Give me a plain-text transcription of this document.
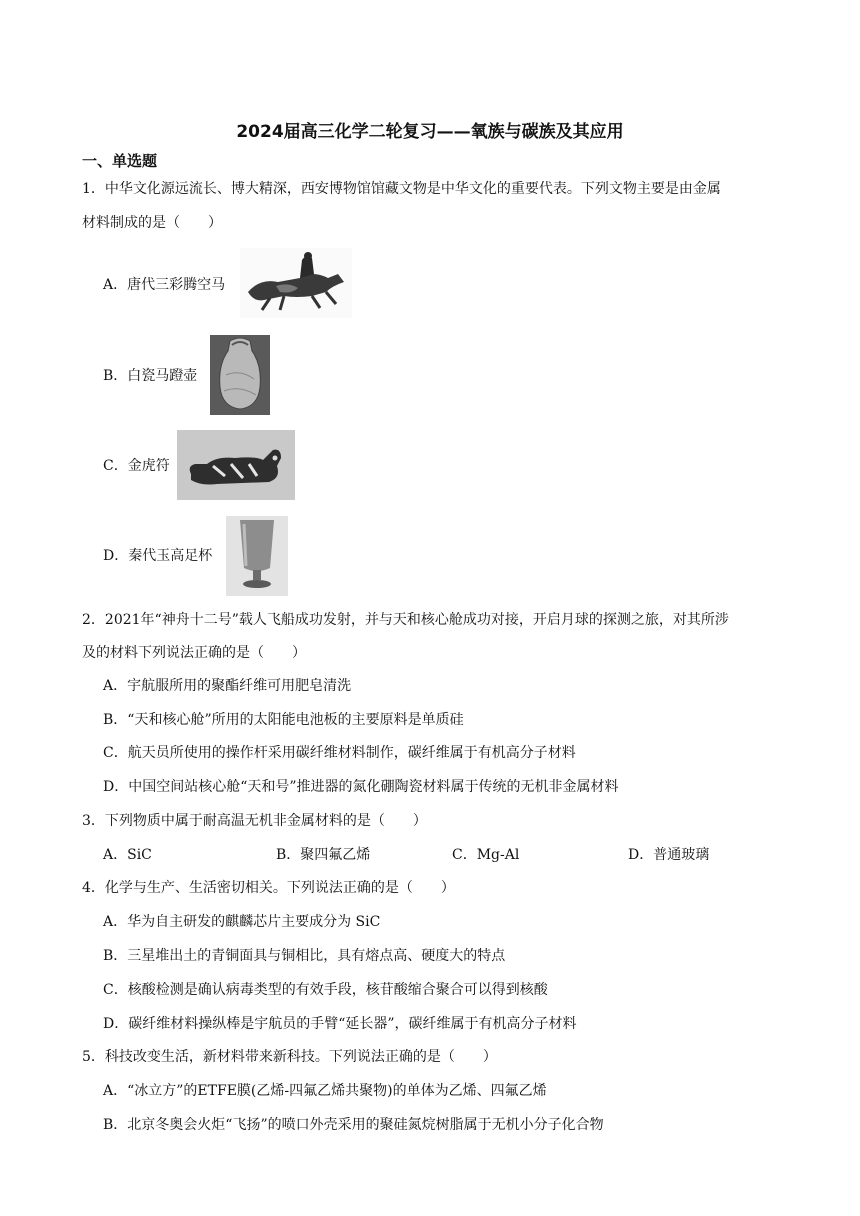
2024届高三化学二轮复习——氧族与碳族及其应用
一、单选题
1．中华文化源远流长、博大精深，西安博物馆馆藏文物是中华文化的重要代表。下列文物主要是由金属
材料制成的是（　　）
A．唐代三彩腾空马
B．白瓷马蹬壶
C．金虎符
D．秦代玉高足杯
2．2021年“神舟十二号”载人飞船成功发射，并与天和核心舱成功对接，开启月球的探测之旅，对其所涉
及的材料下列说法正确的是（　　）
A．宇航服所用的聚酯纤维可用肥皂清洗
B．“天和核心舱”所用的太阳能电池板的主要原料是单质硅
C．航天员所使用的操作杆采用碳纤维材料制作，碳纤维属于有机高分子材料
D．中国空间站核心舱“天和号”推进器的氮化硼陶瓷材料属于传统的无机非金属材料
3．下列物质中属于耐高温无机非金属材料的是（　　）
A．SiC	B．聚四氟乙烯	C．Mg-Al	D．普通玻璃
4．化学与生产、生活密切相关。下列说法正确的是（　　）
A．华为自主研发的麒麟芯片主要成分为 SiC
B．三星堆出土的青铜面具与铜相比，具有熔点高、硬度大的特点
C．核酸检测是确认病毒类型的有效手段，核苷酸缩合聚合可以得到核酸
D．碳纤维材料操纵棒是宇航员的手臂“延长器”，碳纤维属于有机高分子材料
5．科技改变生活，新材料带来新科技。下列说法正确的是（　　）
A．“冰立方”的ETFE膜(乙烯-四氟乙烯共聚物)的单体为乙烯、四氟乙烯
B．北京冬奥会火炬“飞扬”的喷口外壳采用的聚硅氮烷树脂属于无机小分子化合物
